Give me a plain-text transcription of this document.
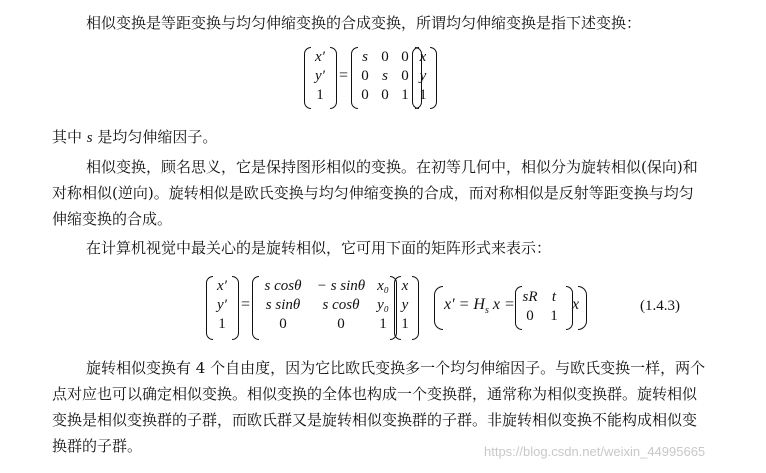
相似变换是等距变换与均匀伸缩变换的合成变换，所谓均匀伸缩变换是指下述变换：
x′
y′
1
=
s 0 0
0 s 0
0 0 1
x
y
1
其中 s 是均匀伸缩因子。
相似变换，顾名思义，它是保持图形相似的变换。在初等几何中，相似分为旋转相似(保向)和
对称相似(逆向)。旋转相似是欧氏变换与均匀伸缩变换的合成，而对称相似是反射等距变换与均匀
伸缩变换的合成。
在计算机视觉中最关心的是旋转相似，它可用下面的矩阵形式来表示：
x′
y′
1
=
s cosθ	− s sinθ x₀
s sinθ	s cosθ	y₀
0	0	1
x
y
1
$x' = H_s$ x = sR t
0	1
x	(1.4.3)
旋转相似变换有 4 个自由度，因为它比欧氏变换多一个均匀伸缩因子。与欧氏变换一样，两个
点对应也可以确定相似变换。相似变换的全体也构成一个变换群，通常称为相似变换群。旋转相似
变换是相似变换群的子群，而欧氏群又是旋转相似变换群的子群。非旋转相似变换不能构成相似变
换群的子群。	https://blog.csdn.net/weixin_44995665
